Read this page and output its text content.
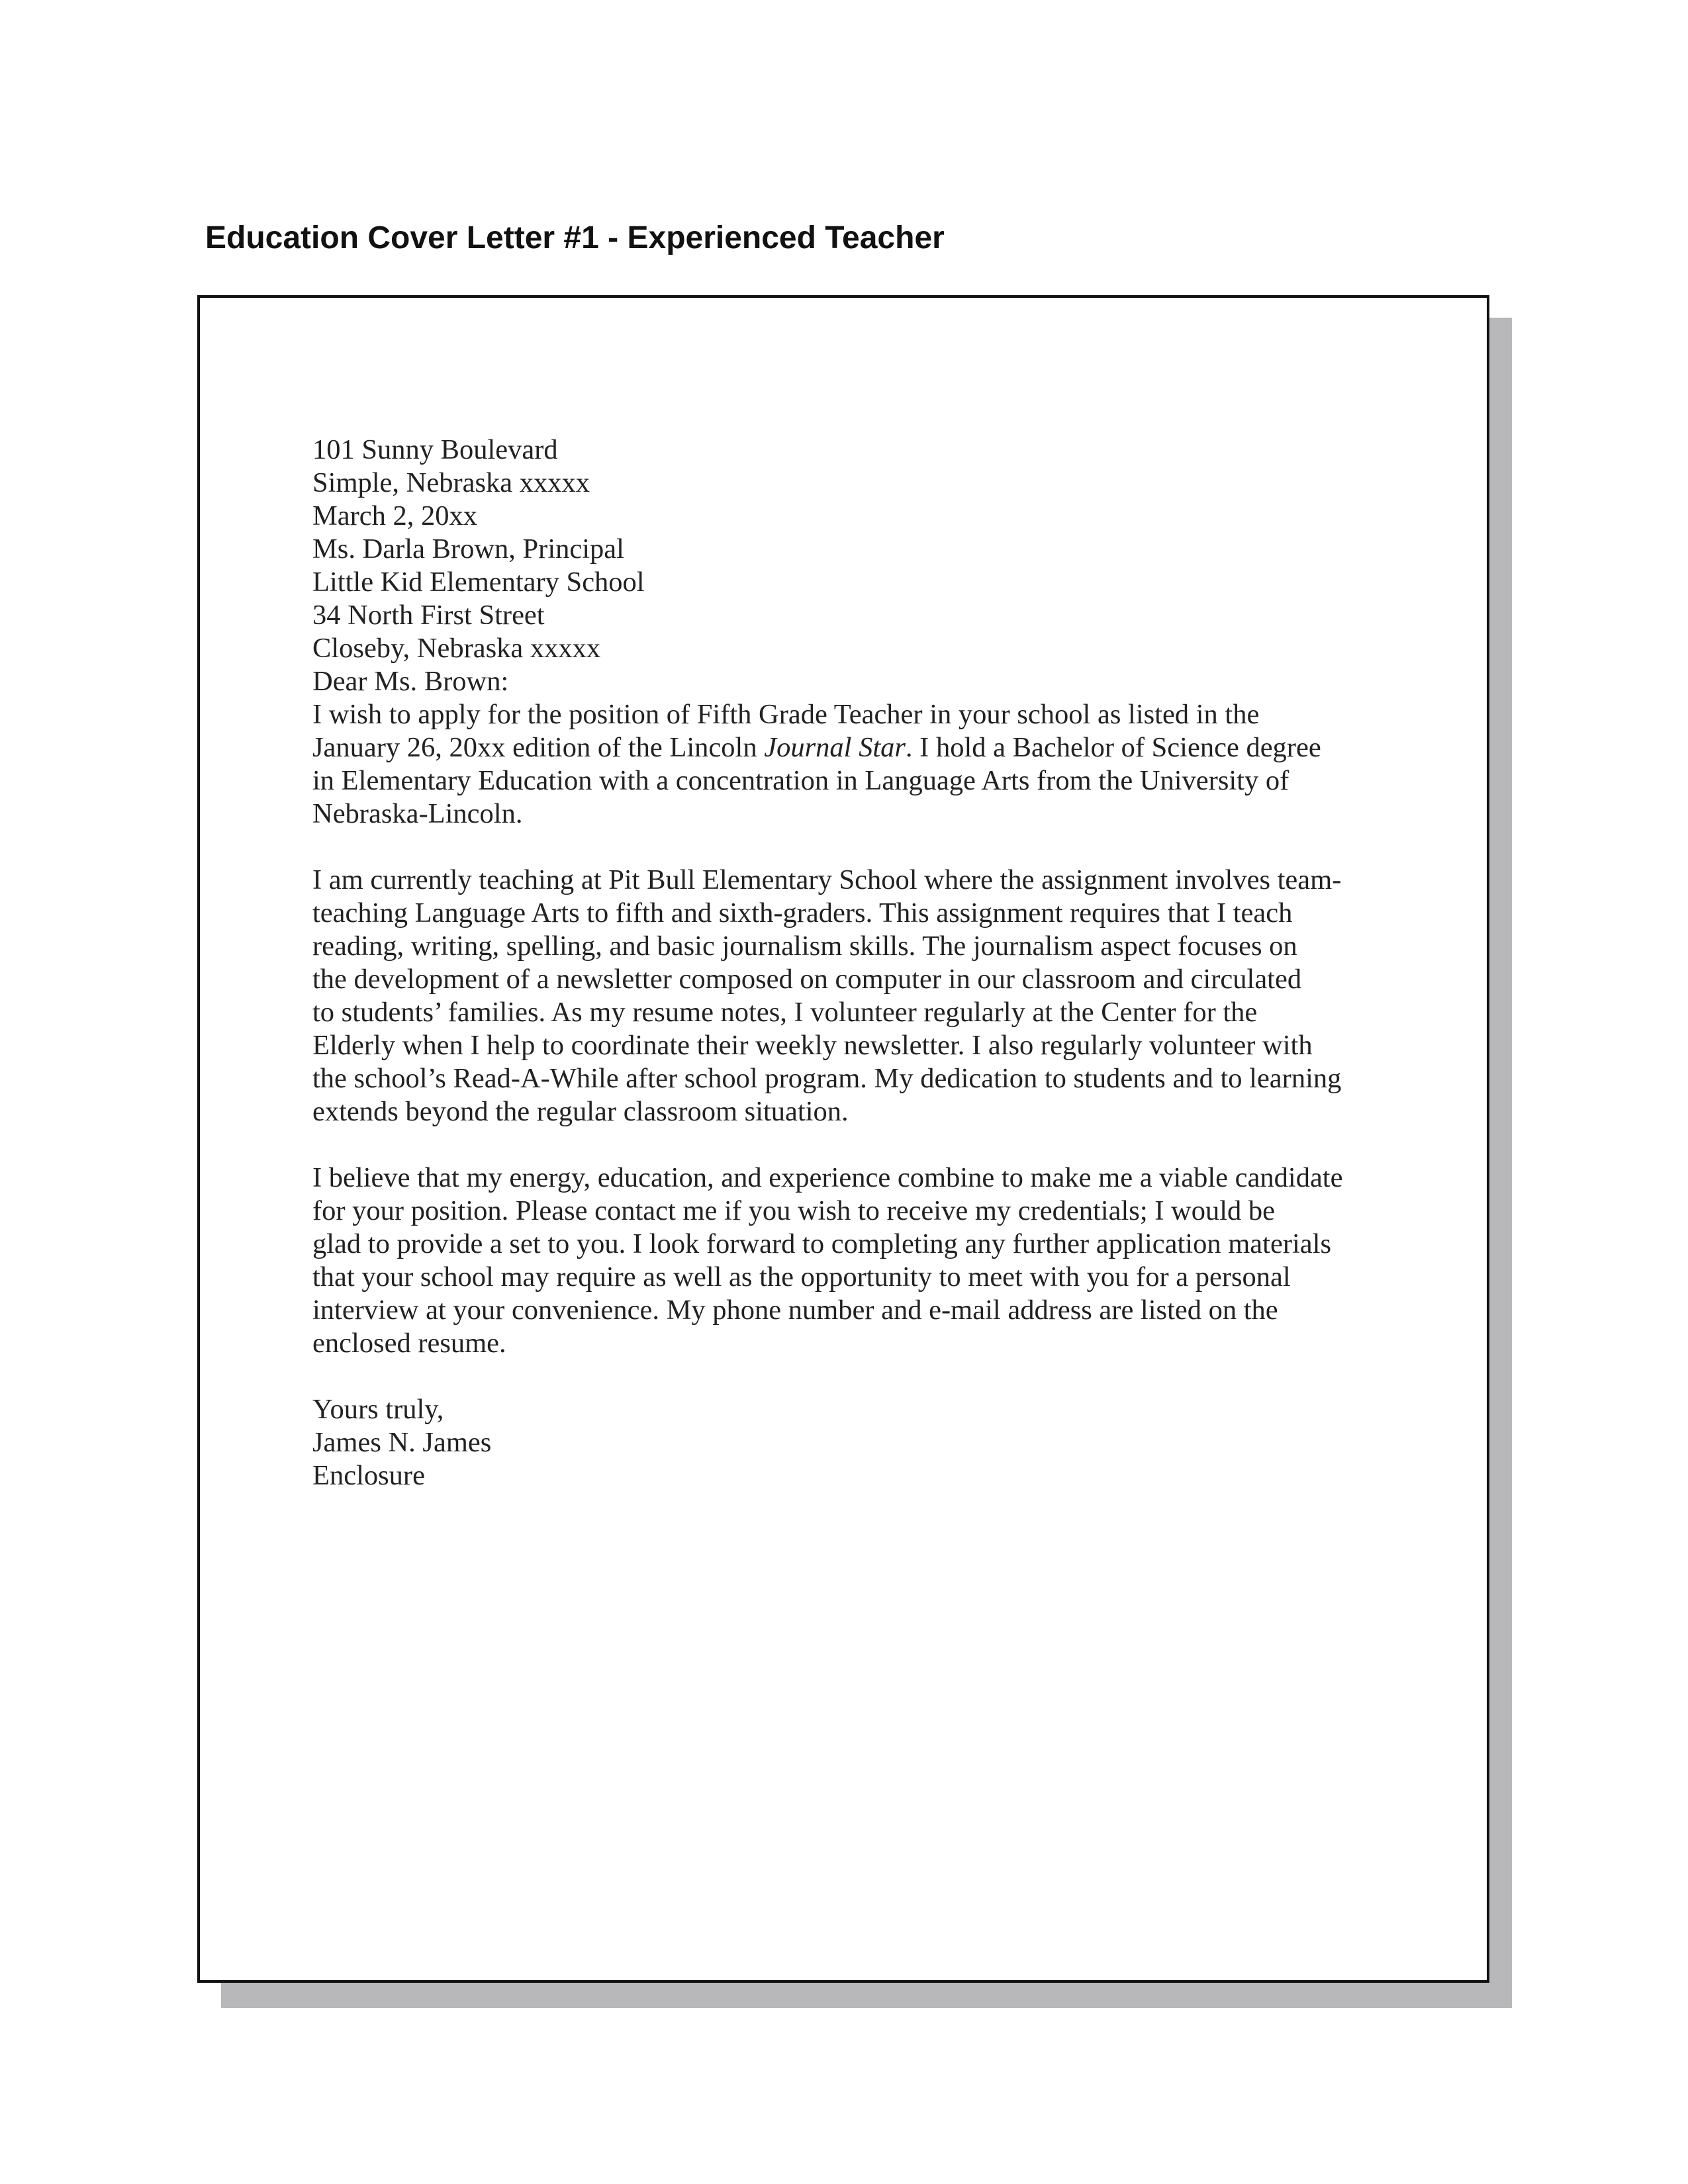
Education Cover Letter #1 - Experienced Teacher

101 Sunny Boulevard
Simple, Nebraska xxxxx
March 2, 20xx

Ms. Darla Brown, Principal
Little Kid Elementary School
34 North First Street
Closeby, Nebraska xxxxx

Dear Ms. Brown:

I wish to apply for the position of Fifth Grade Teacher in your school as listed in the
January 26, 20xx edition of the Lincoln Journal Star. I hold a Bachelor of Science degree
in Elementary Education with a concentration in Language Arts from the University of
Nebraska-Lincoln.

I am currently teaching at Pit Bull Elementary School where the assignment involves team-
teaching Language Arts to fifth and sixth-graders. This assignment requires that I teach
reading, writing, spelling, and basic journalism skills. The journalism aspect focuses on
the development of a newsletter composed on computer in our classroom and circulated
to students’ families. As my resume notes, I volunteer regularly at the Center for the
Elderly when I help to coordinate their weekly newsletter. I also regularly volunteer with
the school’s Read-A-While after school program. My dedication to students and to learning
extends beyond the regular classroom situation.

I believe that my energy, education, and experience combine to make me a viable candidate
for your position. Please contact me if you wish to receive my credentials; I would be
glad to provide a set to you. I look forward to completing any further application materials
that your school may require as well as the opportunity to meet with you for a personal
interview at your convenience. My phone number and e-mail address are listed on the
enclosed resume.

Yours truly,

James N. James

Enclosure
